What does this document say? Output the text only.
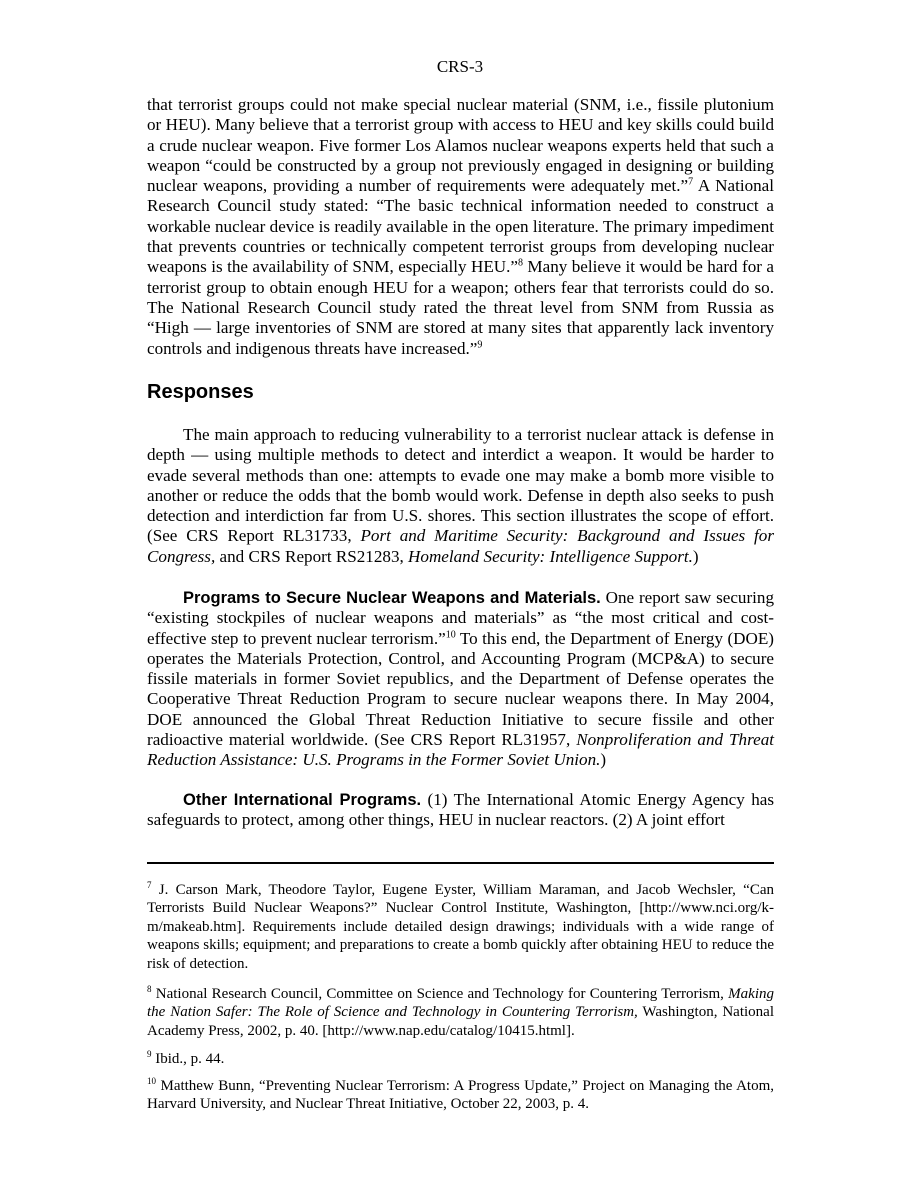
CRS-3

that terrorist groups could not make special nuclear material (SNM, i.e., fissile plutonium or HEU). Many believe that a terrorist group with access to HEU and key skills could build a crude nuclear weapon. Five former Los Alamos nuclear weapons experts held that such a weapon “could be constructed by a group not previously engaged in designing or building nuclear weapons, providing a number of requirements were adequately met.”$^7$ A National Research Council study stated: “The basic technical information needed to construct a workable nuclear device is readily available in the open literature. The primary impediment that prevents countries or technically competent terrorist groups from developing nuclear weapons is the availability of SNM, especially HEU.”$^8$ Many believe it would be hard for a terrorist group to obtain enough HEU for a weapon; others fear that terrorists could do so. The National Research Council study rated the threat level from SNM from Russia as “High — large inventories of SNM are stored at many sites that apparently lack inventory controls and indigenous threats have increased.”$^9$

Responses

The main approach to reducing vulnerability to a terrorist nuclear attack is defense in depth — using multiple methods to detect and interdict a weapon. It would be harder to evade several methods than one: attempts to evade one may make a bomb more visible to another or reduce the odds that the bomb would work. Defense in depth also seeks to push detection and interdiction far from U.S. shores. This section illustrates the scope of effort. (See CRS Report RL31733, Port and Maritime Security: Background and Issues for Congress, and CRS Report RS21283, Homeland Security: Intelligence Support.)

Programs to Secure Nuclear Weapons and Materials. One report saw securing “existing stockpiles of nuclear weapons and materials” as “the most critical and cost-effective step to prevent nuclear terrorism.”$^{10}$ To this end, the Department of Energy (DOE) operates the Materials Protection, Control, and Accounting Program (MCP&A) to secure fissile materials in former Soviet republics, and the Department of Defense operates the Cooperative Threat Reduction Program to secure nuclear weapons there. In May 2004, DOE announced the Global Threat Reduction Initiative to secure fissile and other radioactive material worldwide. (See CRS Report RL31957, Nonproliferation and Threat Reduction Assistance: U.S. Programs in the Former Soviet Union.)

Other International Programs. (1) The International Atomic Energy Agency has safeguards to protect, among other things, HEU in nuclear reactors. (2) A joint effort

$^7$ J. Carson Mark, Theodore Taylor, Eugene Eyster, William Maraman, and Jacob Wechsler, “Can Terrorists Build Nuclear Weapons?” Nuclear Control Institute, Washington, [http://www.nci.org/k-m/makeab.htm]. Requirements include detailed design drawings; individuals with a wide range of weapons skills; equipment; and preparations to create a bomb quickly after obtaining HEU to reduce the risk of detection.
$^8$ National Research Council, Committee on Science and Technology for Countering Terrorism, Making the Nation Safer: The Role of Science and Technology in Countering Terrorism, Washington, National Academy Press, 2002, p. 40. [http://www.nap.edu/catalog/10415.html].
$^9$ Ibid., p. 44.
$^{10}$ Matthew Bunn, “Preventing Nuclear Terrorism: A Progress Update,” Project on Managing the Atom, Harvard University, and Nuclear Threat Initiative, October 22, 2003, p. 4.
